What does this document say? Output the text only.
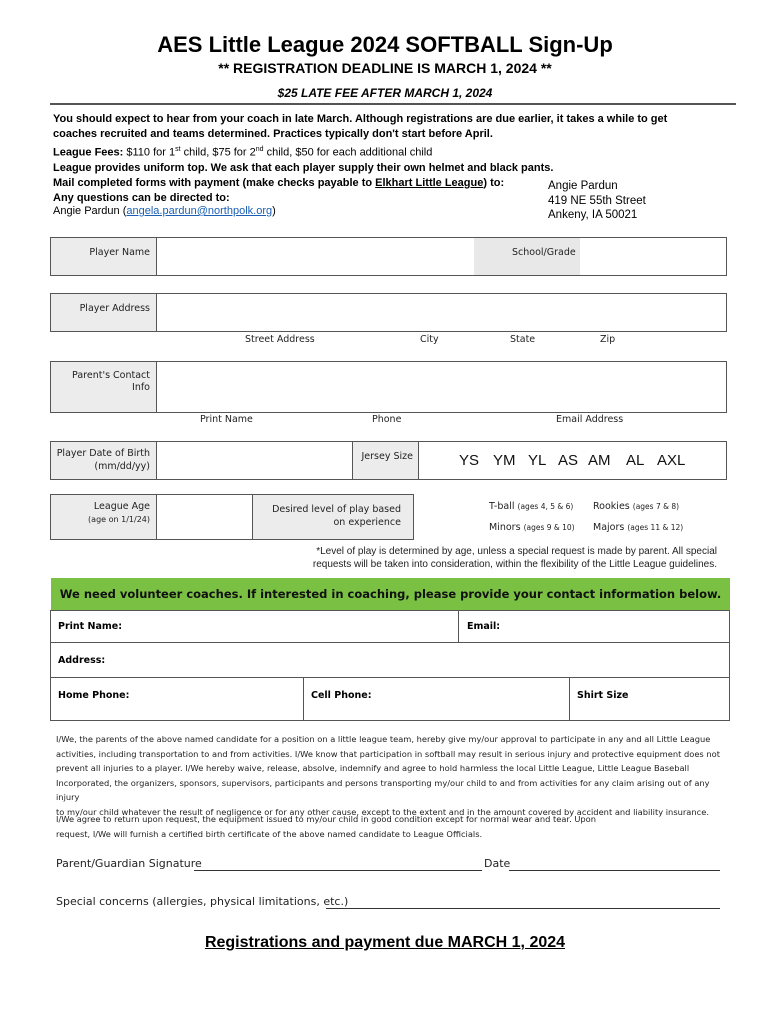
AES Little League 2024 SOFTBALL Sign-Up
** REGISTRATION DEADLINE IS MARCH 1, 2024 **
$25 LATE FEE AFTER MARCH 1, 2024
You should expect to hear from your coach in late March. Although registrations are due earlier, it takes a while to get
coaches recruited and teams determined. Practices typically don't start before April.
League Fees: $110 for 1st child, $75 for 2nd child, $50 for each additional child
League provides uniform top. We ask that each player supply their own helmet and black pants.
Mail completed forms with payment (make checks payable to Elkhart Little League) to:	Angie Pardun
419 NE 55th Street
Ankeny, IA 50021
Any questions can be directed to:
Angie Pardun (angela.pardun@northpolk.org)
Player Name	School/Grade
Player Address
Street Address	City	State	Zip
Parent's Contact
Info
Print Name	Phone	Email Address
Player Date of Birth
(mm/dd/yy)
Jersey Size	YS YM YL AS AM AL AXL
League Age
(age on 1/1/24)
Desired level of play based
on experience
T-ball (ages 4, 5 & 6) Rookies (ages 7 & 8)
Minors (ages 9 & 10) Majors (ages 11 & 12)
*Level of play is determined by age, unless a special request is made by parent. All special
requests will be taken into consideration, within the flexibility of the Little League guidelines.
We need volunteer coaches. If interested in coaching, please provide your contact information below.
Print Name:	Email:
Address:
Home Phone:	Cell Phone:	Shirt Size
I/We, the parents of the above named candidate for a position on a little league team, hereby give my/our approval to participate in any and all Little League
activities, including transportation to and from activities. I/We know that participation in softball may result in serious injury and protective equipment does not
prevent all injuries to a player. I/We hereby waive, release, absolve, indemnify and agree to hold harmless the local Little League, Little League Baseball
Incorporated, the organizers, sponsors, supervisors, participants and persons transporting my/our child to and from activities for any claim arising out of any injury
to my/our child whatever the result of negligence or for any other cause, except to the extent and in the amount covered by accident and liability insurance.
I/We agree to return upon request, the equipment issued to my/our child in good condition except for normal wear and tear. Upon
request, I/We will furnish a certified birth certificate of the above named candidate to League Officials.
Parent/Guardian Signature	Date
Special concerns (allergies, physical limitations, etc.)
Registrations and payment due MARCH 1, 2024
